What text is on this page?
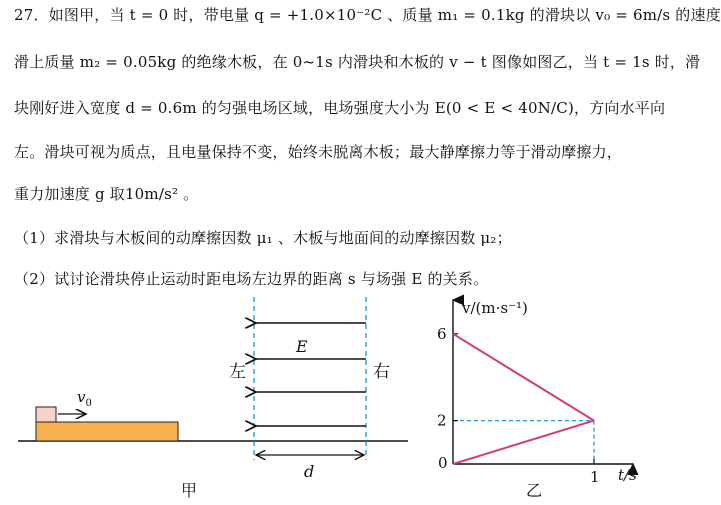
27．如图甲，当 t = 0 时，带电量 q = +1.0×10⁻²C 、质量 m₁ = 0.1kg 的滑块以 v₀ = 6m/s 的速度
滑上质量 m₂ = 0.05kg 的绝缘木板，在 0~1s 内滑块和木板的 v − t 图像如图乙，当 t = 1s 时，滑
块刚好进入宽度 d = 0.6m 的匀强电场区域，电场强度大小为 E(0 < E < 40N/C)，方向水平向
左。滑块可视为质点，且电量保持不变，始终未脱离木板；最大静摩擦力等于滑动摩擦力，
重力加速度 g 取10m/s² 。
（1）求滑块与木板间的动摩擦因数 μ₁ 、木板与地面间的动摩擦因数 μ₂；
（2）试讨论滑块停止运动时距电场左边界的距离 s 与场强 E 的关系。
$v_0$
E
左	右
d
甲
v/(m·s⁻¹)
t/s
0
6
2
1
乙
